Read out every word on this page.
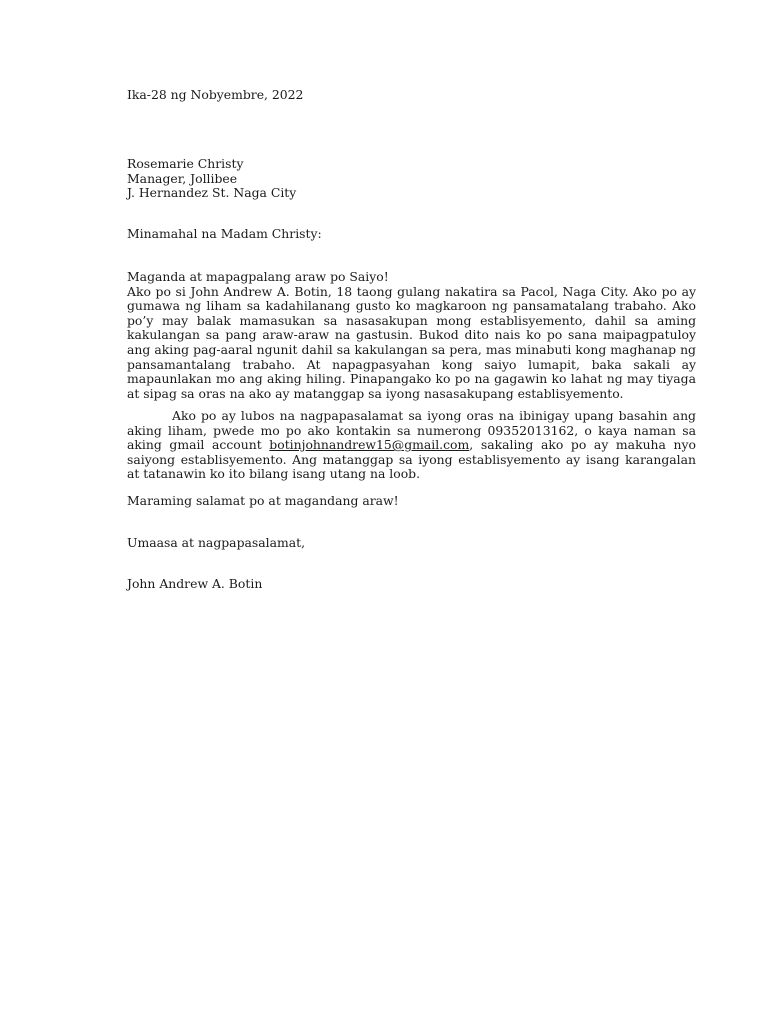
Ika-28 ng Nobyembre, 2022
Rosemarie Christy
Manager, Jollibee
J. Hernandez St. Naga City
Minamahal na Madam Christy:
Maganda at mapagpalang araw po Saiyo!
Ako po si John Andrew A. Botin, 18 taong gulang nakatira sa Pacol, Naga City. Ako po ay gumawa ng liham sa kadahilanang gusto ko magkaroon ng pansamatalang trabaho. Ako po’y may balak mamasukan sa nasasakupan mong establisyemento, dahil sa aming kakulangan sa pang araw-araw na gastusin. Bukod dito nais ko po sana maipagpatuloy ang aking pag-aaral ngunit dahil sa kakulangan sa pera, mas minabuti kong maghanap ng pansamantalang trabaho. At napagpasyahan kong saiyo lumapit, baka sakali ay mapaunlakan mo ang aking hiling. Pinapangako ko po na gagawin ko lahat ng may tiyaga at sipag sa oras na ako ay matanggap sa iyong nasasakupang establisyemento.
Ako po ay lubos na nagpapasalamat sa iyong oras na ibinigay upang basahin ang aking liham, pwede mo po ako kontakin sa numerong 09352013162, o kaya naman sa aking gmail account botinjohnandrew15@gmail.com, sakaling ako po ay makuha nyo saiyong establisyemento. Ang matanggap sa iyong establisyemento ay isang karangalan at tatanawin ko ito bilang isang utang na loob.
Maraming salamat po at magandang araw!
Umaasa at nagpapasalamat,
John Andrew A. Botin
